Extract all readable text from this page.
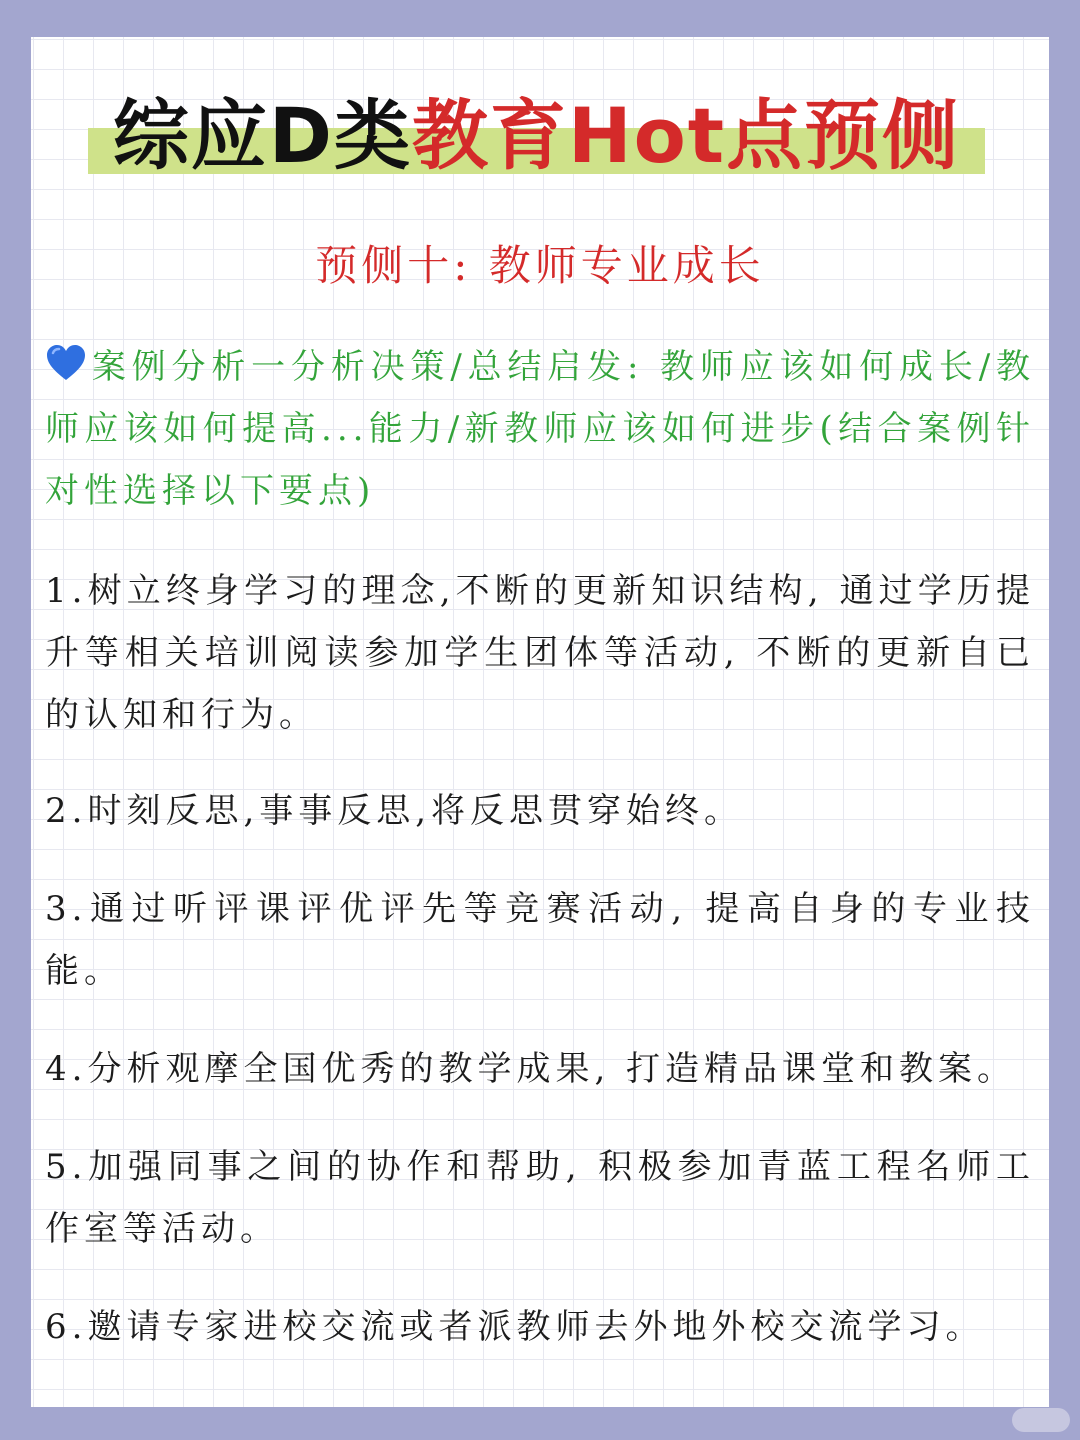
综应D类教育Hot点预侧
预侧十: 教师专业成长
案例分析一分析决策/总结启发: 教师应该如何成长/教师应该如何提高...能力/新教师应该如何进步(结合案例针对性选择以下要点)
1.树立终身学习的理念,不断的更新知识结构, 通过学历提升等相关培训阅读参加学生团体等活动, 不断的更新自已的认知和行为。
2.时刻反思,事事反思,将反思贯穿始终。
3.通过听评课评优评先等竞赛活动, 提高自身的专业技能。
4.分析观摩全国优秀的教学成果, 打造精品课堂和教案。
5.加强同事之间的协作和帮助, 积极参加青蓝工程名师工作室等活动。
6.邀请专家进校交流或者派教师去外地外校交流学习。
